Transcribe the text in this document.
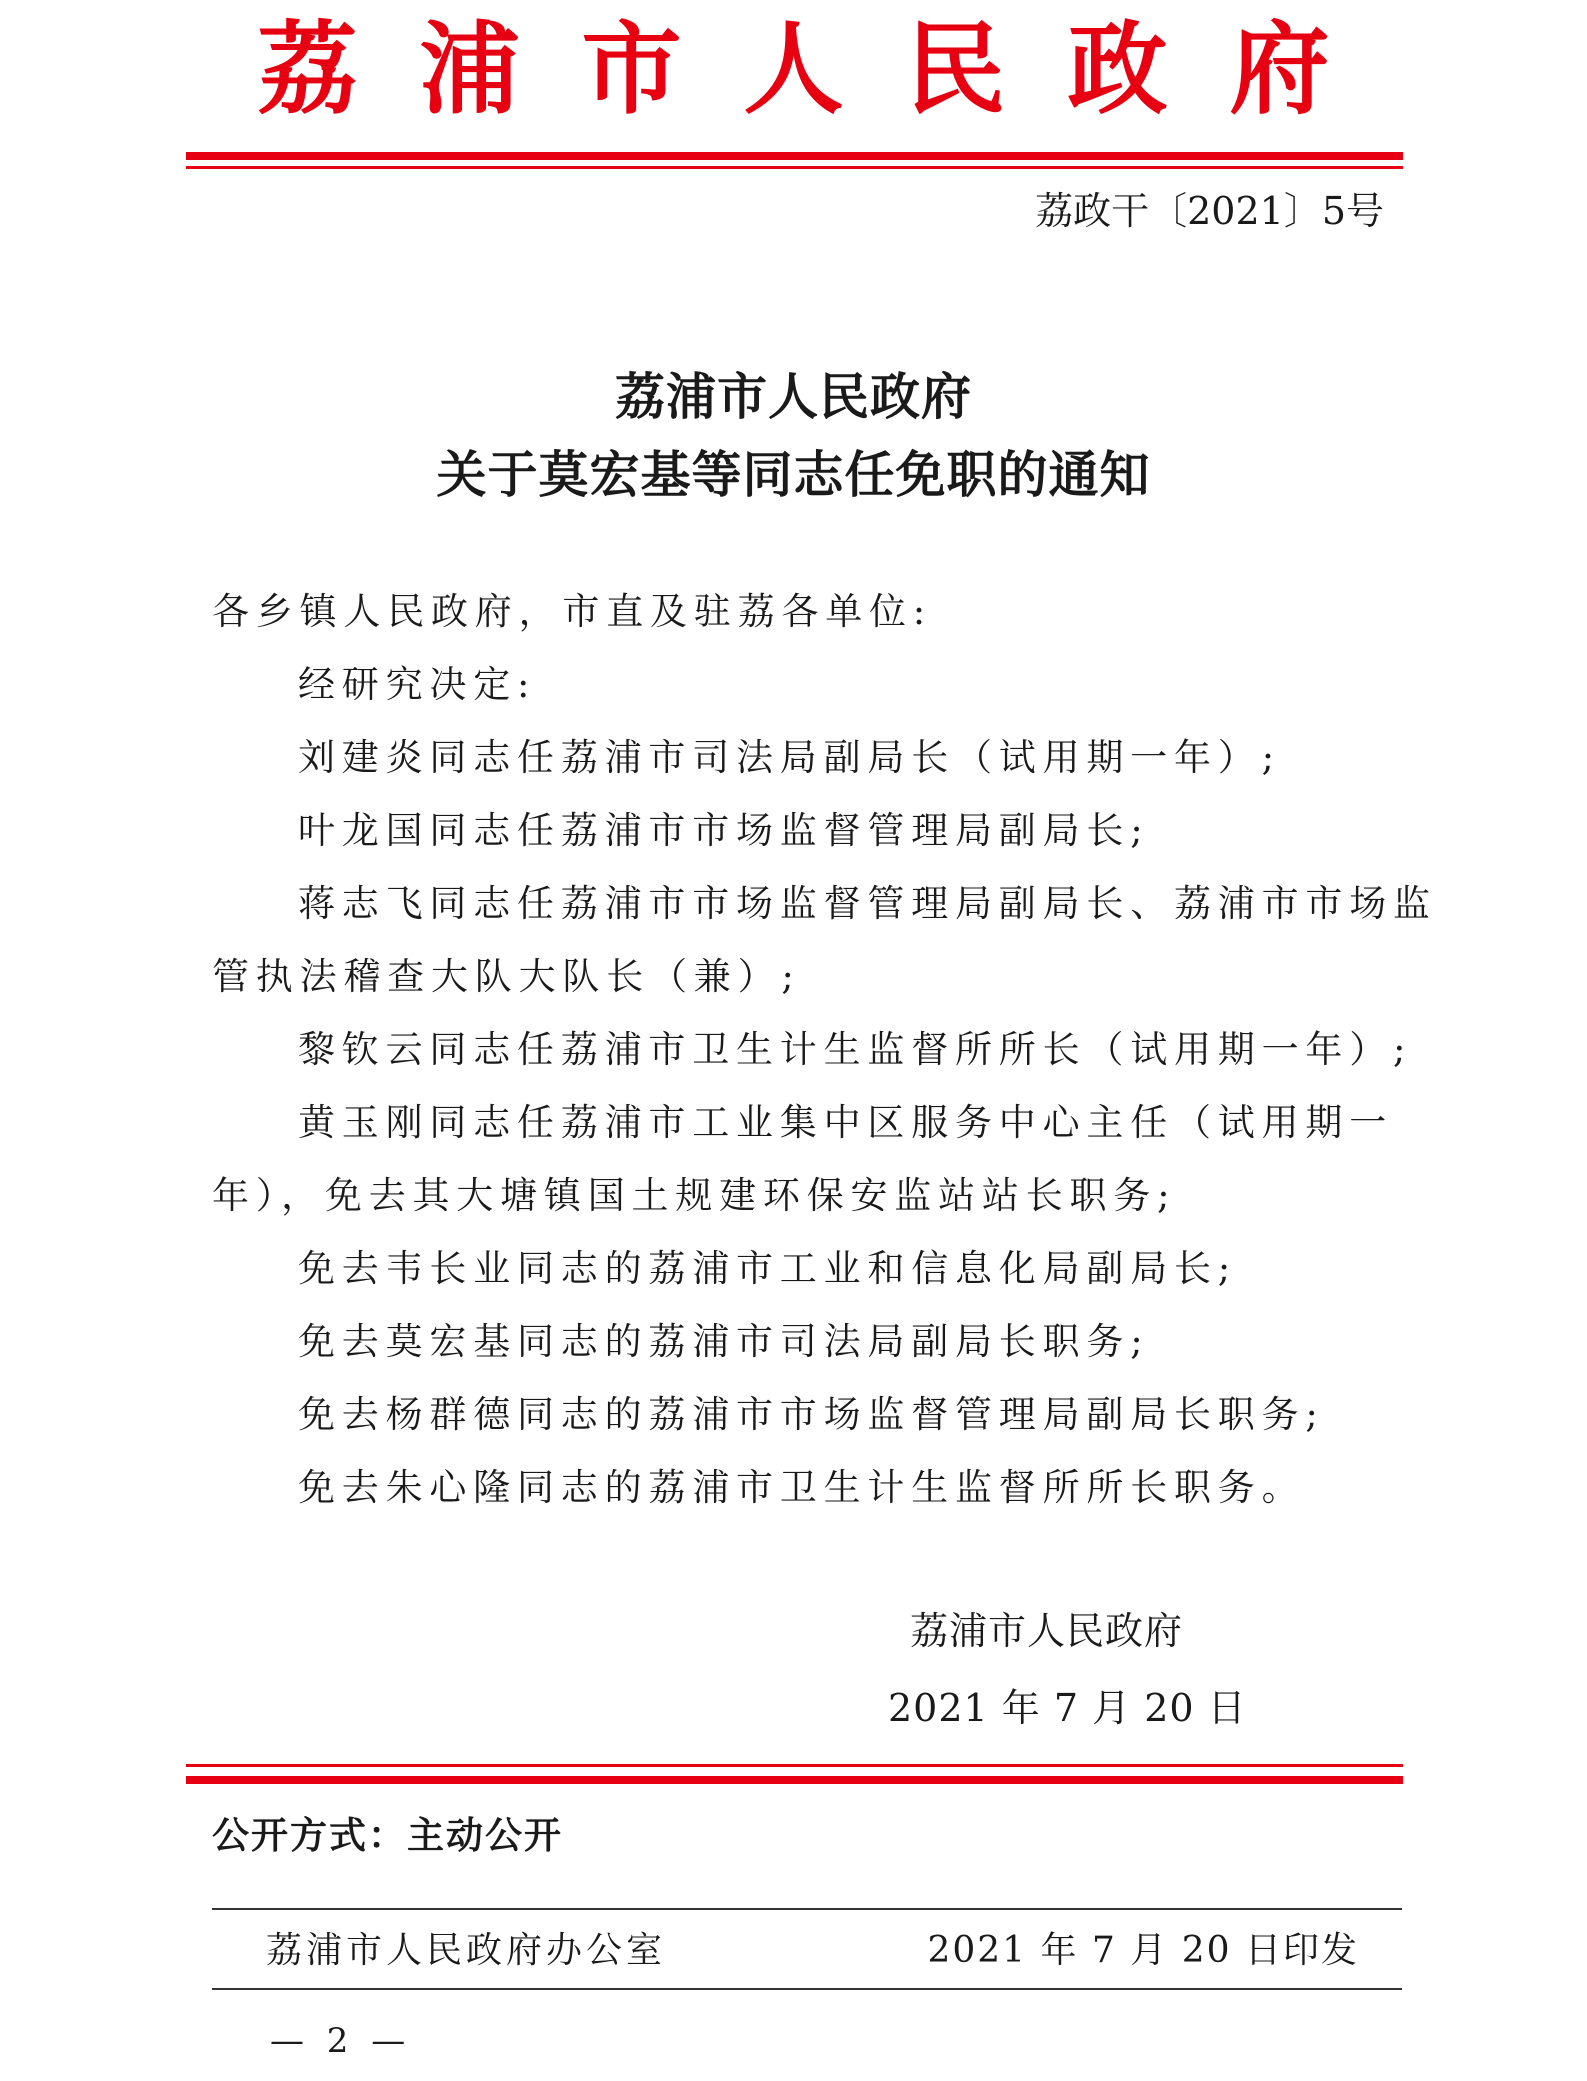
荔浦市人民政府
荔政干〔2021〕5号
荔浦市人民政府
关于莫宏基等同志任免职的通知
各乡镇人民政府，市直及驻荔各单位:
经研究决定:
刘建炎同志任荔浦市司法局副局长（试用期一年）;
叶龙国同志任荔浦市市场监督管理局副局长;
蒋志飞同志任荔浦市市场监督管理局副局长、荔浦市市场监
管执法稽查大队大队长（兼）;
黎钦云同志任荔浦市卫生计生监督所所长（试用期一年）;
黄玉刚同志任荔浦市工业集中区服务中心主任（试用期一
年），免去其大塘镇国土规建环保安监站站长职务;
免去韦长业同志的荔浦市工业和信息化局副局长;
免去莫宏基同志的荔浦市司法局副局长职务;
免去杨群德同志的荔浦市市场监督管理局副局长职务;
免去朱心隆同志的荔浦市卫生计生监督所所长职务。
荔浦市人民政府
2021 年 7 月 20 日
公开方式：主动公开
荔浦市人民政府办公室	2021 年 7 月 20 日印发
— 2 —
